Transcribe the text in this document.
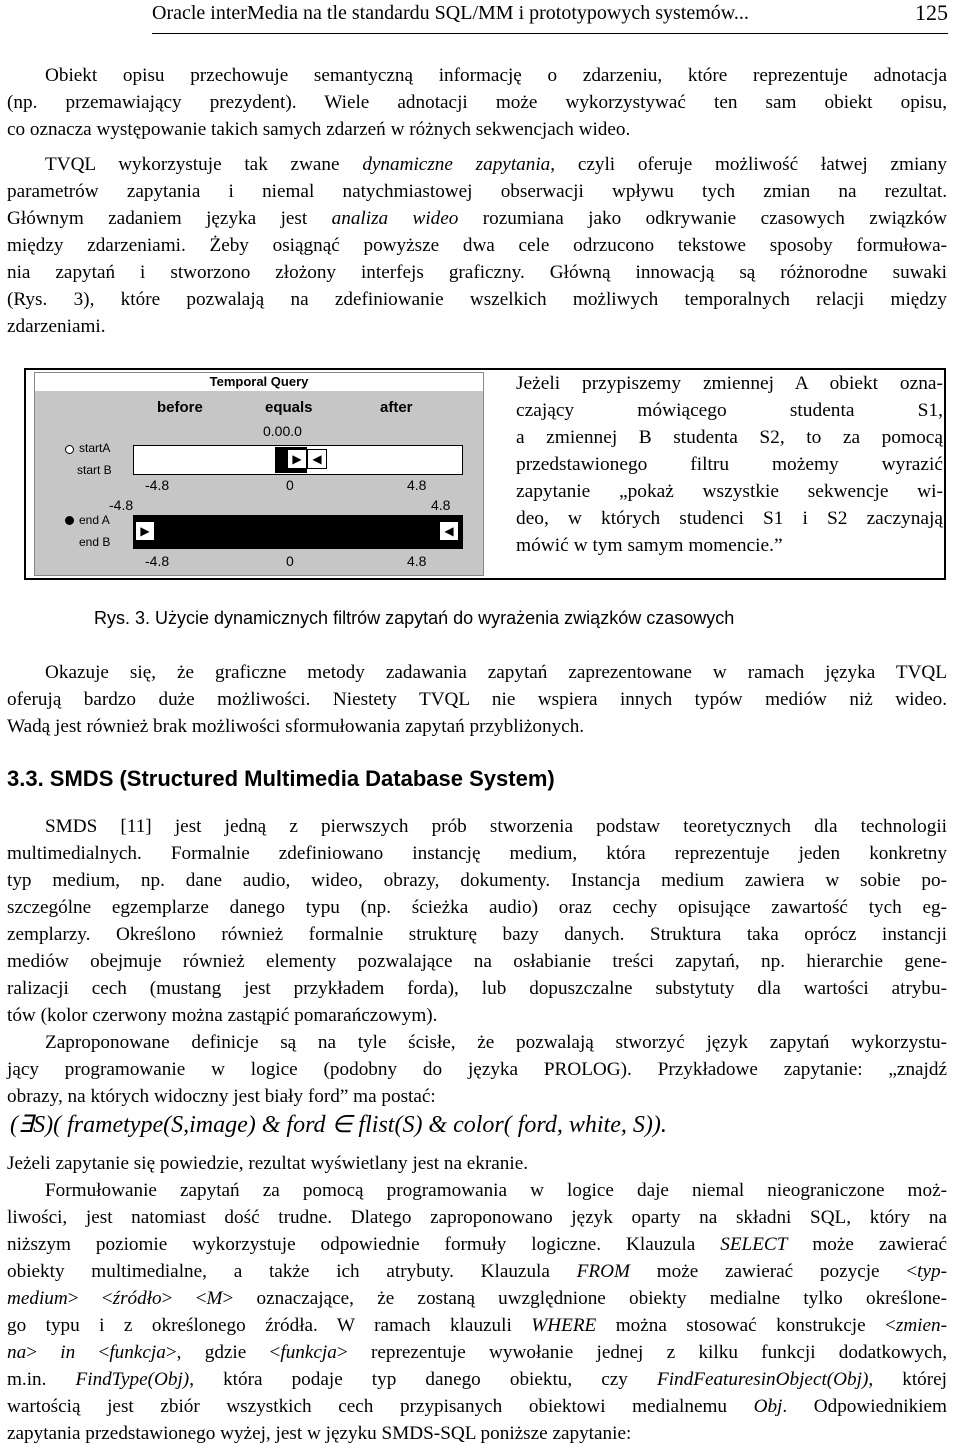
Oracle interMedia na tle standardu SQL/MM i prototypowych systemów...	125
Obiekt opisu przechowuje semantyczną informację o zdarzeniu, które reprezentuje adnotacja
(np. przemawiający prezydent). Wiele adnotacji może wykorzystywać ten sam obiekt opisu,
co oznacza występowanie takich samych zdarzeń w różnych sekwencjach wideo.
TVQL wykorzystuje tak zwane dynamiczne zapytania, czyli oferuje możliwość łatwej zmiany
parametrów zapytania i niemal natychmiastowej obserwacji wpływu tych zmian na rezultat.
Głównym zadaniem języka jest analiza wideo rozumiana jako odkrywanie czasowych związków
między zdarzeniami. Żeby osiągnąć powyższe dwa cele odrzucono tekstowe sposoby formułowa-
nia zapytań i stworzono złożony interfejs graficzny. Główną innowacją są różnorodne suwaki
(Rys. 3), które pozwalają na zdefiniowanie wszelkich możliwych temporalnych relacji między
zdarzeniami.
Temporal Query
before	equals	after
0.00.0
startA
start B
▶ ◀
-4.8	0	4.8
-4.8	4.8
end A
end B
▶	◀
-4.8	0	4.8
Jeżeli przypiszemy zmiennej A obiekt ozna-
czający mówiącego studenta S1,
a zmiennej B studenta S2, to za pomocą
przedstawionego filtru możemy wyrazić
zapytanie „pokaż wszystkie sekwencje wi-
deo, w których studenci S1 i S2 zaczynają
mówić w tym samym momencie.”
Rys. 3. Użycie dynamicznych filtrów zapytań do wyrażenia związków czasowych
Okazuje się, że graficzne metody zadawania zapytań zaprezentowane w ramach języka TVQL
oferują bardzo duże możliwości. Niestety TVQL nie wspiera innych typów mediów niż wideo.
Wadą jest również brak możliwości sformułowania zapytań przybliżonych.
3.3. SMDS (Structured Multimedia Database System)
SMDS [11] jest jedną z pierwszych prób stworzenia podstaw teoretycznych dla technologii
multimedialnych. Formalnie zdefiniowano instancję medium, która reprezentuje jeden konkretny
typ medium, np. dane audio, wideo, obrazy, dokumenty. Instancja medium zawiera w sobie po-
szczególne egzemplarze danego typu (np. ścieżka audio) oraz cechy opisujące zawartość tych eg-
zemplarzy. Określono również formalnie strukturę bazy danych. Struktura taka oprócz instancji
mediów obejmuje również elementy pozwalające na osłabianie treści zapytań, np. hierarchie gene-
ralizacji cech (mustang jest przykładem forda), lub dopuszczalne substytuty dla wartości atrybu-
tów (kolor czerwony można zastąpić pomarańczowym).
Zaproponowane definicje są na tyle ścisłe, że pozwalają stworzyć język zapytań wykorzystu-
jący programowanie w logice (podobny do języka PROLOG). Przykładowe zapytanie: „znajdź
obrazy, na których widoczny jest biały ford” ma postać:
(∃S)( frametype(S,image) & ford ∈ flist(S) & color( ford, white, S)).
Jeżeli zapytanie się powiedzie, rezultat wyświetlany jest na ekranie.
Formułowanie zapytań za pomocą programowania w logice daje niemal nieograniczone moż-
liwości, jest natomiast dość trudne. Dlatego zaproponowano język oparty na składni SQL, który na
niższym poziomie wykorzystuje odpowiednie formuły logiczne. Klauzula SELECT może zawierać
obiekty multimedialne, a także ich atrybuty. Klauzula FROM może zawierać pozycje <typ-
medium> <źródło> <M> oznaczające, że zostaną uwzględnione obiekty medialne tylko określone-
go typu i z określonego źródła. W ramach klauzuli WHERE można stosować konstrukcje <zmien-
na> in <funkcja>, gdzie <funkcja> reprezentuje wywołanie jednej z kilku funkcji dodatkowych,
m.in. FindType(Obj), która podaje typ danego obiektu, czy FindFeaturesinObject(Obj), której
wartością jest zbiór wszystkich cech przypisanych obiektowi medialnemu Obj. Odpowiednikiem
zapytania przedstawionego wyżej, jest w języku SMDS-SQL poniższe zapytanie:
